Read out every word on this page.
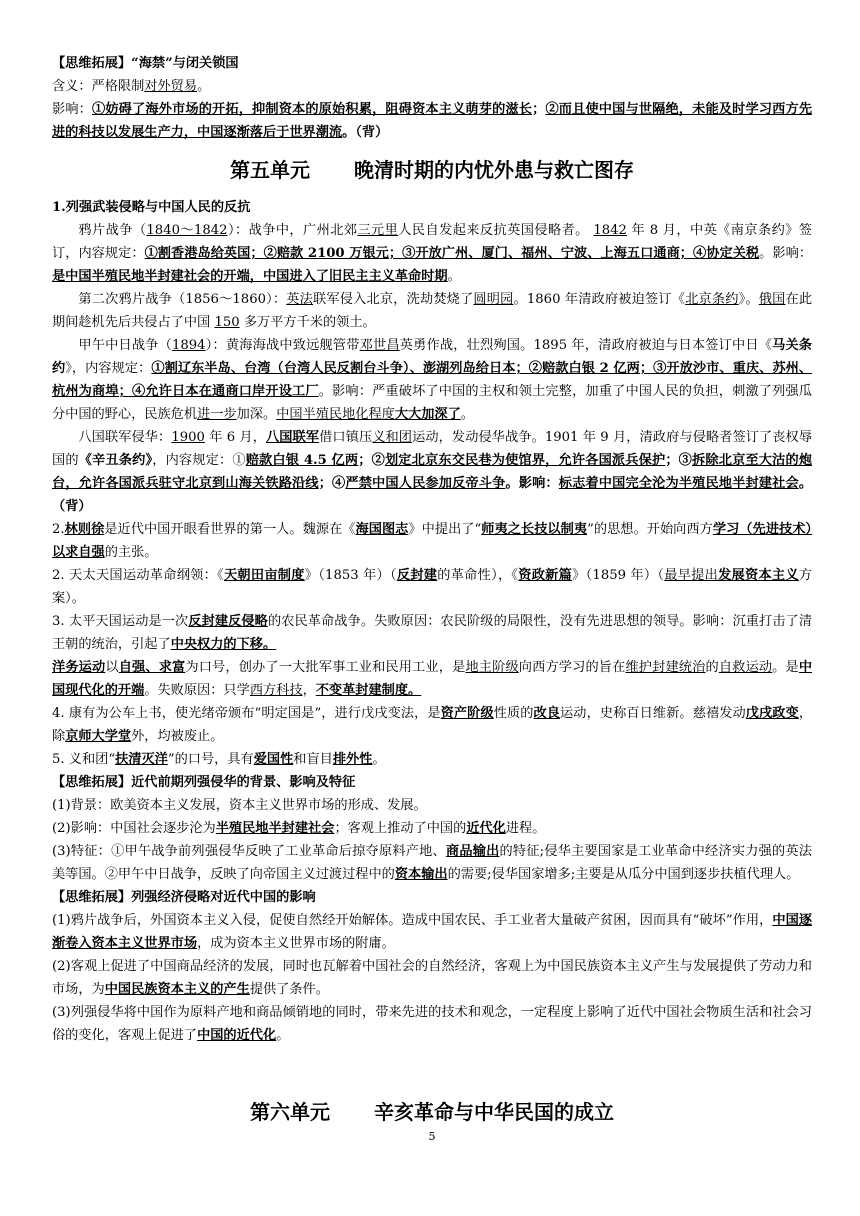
【思维拓展】“海禁”与闭关锁国

含义：严格限制对外贸易。

影响：①妨碍了海外市场的开拓，抑制资本的原始积累，阻碍资本主义萌芽的滋长；②而且使中国与世隔绝，未能及时学习西方先进的科技以发展生产力，中国逐渐落后于世界潮流。（背）

第五单元 晚清时期的内忧外患与救亡图存

1.列强武装侵略与中国人民的反抗

鸦片战争（1840～1842）：战争中，广州北郊三元里人民自发起来反抗英国侵略者。 1842 年 8 月，中英《南京条约》签订，内容规定：①割香港岛给英国；②赔款 2100 万银元；③开放广州、厦门、福州、宁波、上海五口通商；④协定关税。影响：是中国半殖民地半封建社会的开端，中国进入了旧民主主义革命时期。

第二次鸦片战争（1856～1860）：英法联军侵入北京，洗劫焚烧了圆明园。1860 年清政府被迫签订《北京条约》。俄国在此期间趁机先后共侵占了中国 150 多万平方千米的领土。

甲午中日战争（1894）：黄海海战中致远舰管带邓世昌英勇作战，壮烈殉国。1895 年，清政府被迫与日本签订中日《马关条约》，内容规定：①割辽东半岛、台湾（台湾人民反割台斗争）、澎湖列岛给日本；②赔款白银 2 亿两；③开放沙市、重庆、苏州、杭州为商埠；④允许日本在通商口岸开设工厂。影响：严重破坏了中国的主权和领土完整，加重了中国人民的负担，刺激了列强瓜分中国的野心，民族危机进一步加深。中国半殖民地化程度大大加深了。

八国联军侵华：1900 年 6 月，八国联军借口镇压义和团运动，发动侵华战争。1901 年 9 月，清政府与侵略者签订了丧权辱国的《辛丑条约》，内容规定：①赔款白银 4.5 亿两；②划定北京东交民巷为使馆界，允许各国派兵保护；③拆除北京至大沽的炮台，允许各国派兵驻守北京到山海关铁路沿线；④严禁中国人民参加反帝斗争。影响：标志着中国完全沦为半殖民地半封建社会。（背）

2.林则徐是近代中国开眼看世界的第一人。魏源在《海国图志》中提出了“师夷之长技以制夷”的思想。开始向西方学习（先进技术）以求自强的主张。

2. 天太天国运动革命纲领：《天朝田亩制度》（1853 年）（反封建的革命性），《资政新篇》（1859 年）（最早提出发展资本主义方案）。

3. 太平天国运动是一次反封建反侵略的农民革命战争。失败原因：农民阶级的局限性，没有先进思想的领导。影响：沉重打击了清王朝的统治，引起了中央权力的下移。

洋务运动以自强、求富为口号，创办了一大批军事工业和民用工业，是地主阶级向西方学习的旨在维护封建统治的自救运动。是中国现代化的开端。失败原因：只学西方科技，不变革封建制度。

4. 康有为公车上书，使光绪帝颁布“明定国是”，进行戊戌变法，是资产阶级性质的改良运动，史称百日维新。慈禧发动戊戌政变，除京师大学堂外，均被废止。

5. 义和团“扶清灭洋”的口号，具有爱国性和盲目排外性。

【思维拓展】近代前期列强侵华的背景、影响及特征

(1)背景：欧美资本主义发展，资本主义世界市场的形成、发展。

(2)影响：中国社会逐步沦为半殖民地半封建社会；客观上推动了中国的近代化进程。

(3)特征：①甲午战争前列强侵华反映了工业革命后掠夺原料产地、商品输出的特征;侵华主要国家是工业革命中经济实力强的英法美等国。②甲午中日战争，反映了向帝国主义过渡过程中的资本输出的需要;侵华国家增多;主要是从瓜分中国到逐步扶植代理人。

【思维拓展】列强经济侵略对近代中国的影响

(1)鸦片战争后，外国资本主义入侵，促使自然经开始解体。造成中国农民、手工业者大量破产贫困，因而具有“破坏”作用，中国逐渐卷入资本主义世界市场，成为资本主义世界市场的附庸。

(2)客观上促进了中国商品经济的发展，同时也瓦解着中国社会的自然经济，客观上为中国民族资本主义产生与发展提供了劳动力和市场，为中国民族资本主义的产生提供了条件。

(3)列强侵华将中国作为原料产地和商品倾销地的同时，带来先进的技术和观念，一定程度上影响了近代中国社会物质生活和社会习俗的变化，客观上促进了中国的近代化。

第六单元 辛亥革命与中华民国的成立
5
